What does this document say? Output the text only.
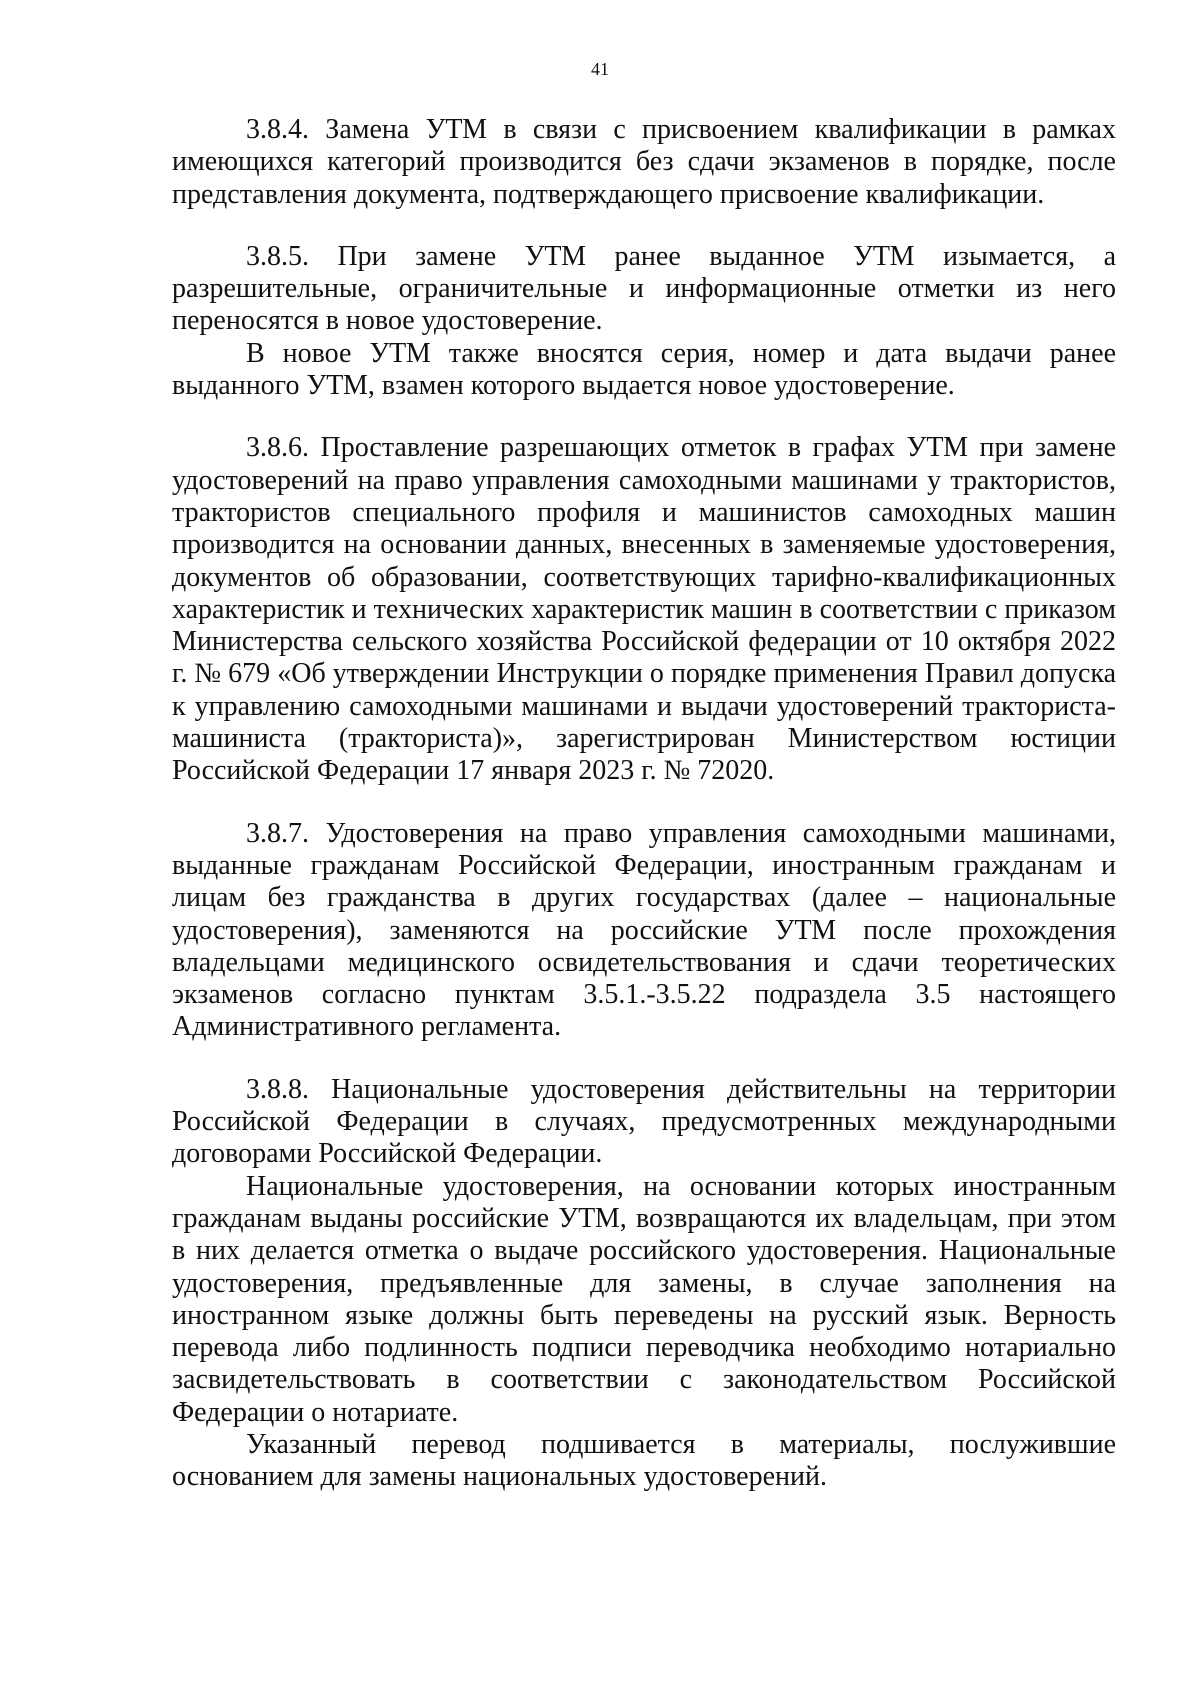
41

3.8.4. Замена УТМ в связи с присвоением квалификации в рамках имеющихся категорий производится без сдачи экзаменов в порядке, после представления документа, подтверждающего присвоение квалификации.

3.8.5. При замене УТМ ранее выданное УТМ изымается, а разрешительные, ограничительные и информационные отметки из него переносятся в новое удостоверение.

В новое УТМ также вносятся серия, номер и дата выдачи ранее выданного УТМ, взамен которого выдается новое удостоверение.

3.8.6. Проставление разрешающих отметок в графах УТМ при замене удостоверений на право управления самоходными машинами у трактористов, трактористов специального профиля и машинистов самоходных машин производится на основании данных, внесенных в заменяемые удостоверения, документов об образовании, соответствующих тарифно-квалификационных характеристик и технических характеристик машин в соответствии с приказом Министерства сельского хозяйства Российской федерации от 10 октября 2022 г. № 679 «Об утверждении Инструкции о порядке применения Правил допуска к управлению самоходными машинами и выдачи удостоверений тракториста-машиниста (тракториста)», зарегистрирован Министерством юстиции Российской Федерации 17 января 2023 г. № 72020.

3.8.7. Удостоверения на право управления самоходными машинами, выданные гражданам Российской Федерации, иностранным гражданам и лицам без гражданства в других государствах (далее – национальные удостоверения), заменяются на российские УТМ после прохождения владельцами медицинского освидетельствования и сдачи теоретических экзаменов согласно пунктам 3.5.1.-3.5.22 подраздела 3.5 настоящего Административного регламента.

3.8.8. Национальные удостоверения действительны на территории Российской Федерации в случаях, предусмотренных международными договорами Российской Федерации.

Национальные удостоверения, на основании которых иностранным гражданам выданы российские УТМ, возвращаются их владельцам, при этом в них делается отметка о выдаче российского удостоверения. Национальные удостоверения, предъявленные для замены, в случае заполнения на иностранном языке должны быть переведены на русский язык. Верность перевода либо подлинность подписи переводчика необходимо нотариально засвидетельствовать в соответствии с законодательством Российской Федерации о нотариате.

Указанный перевод подшивается в материалы, послужившие основанием для замены национальных удостоверений.
